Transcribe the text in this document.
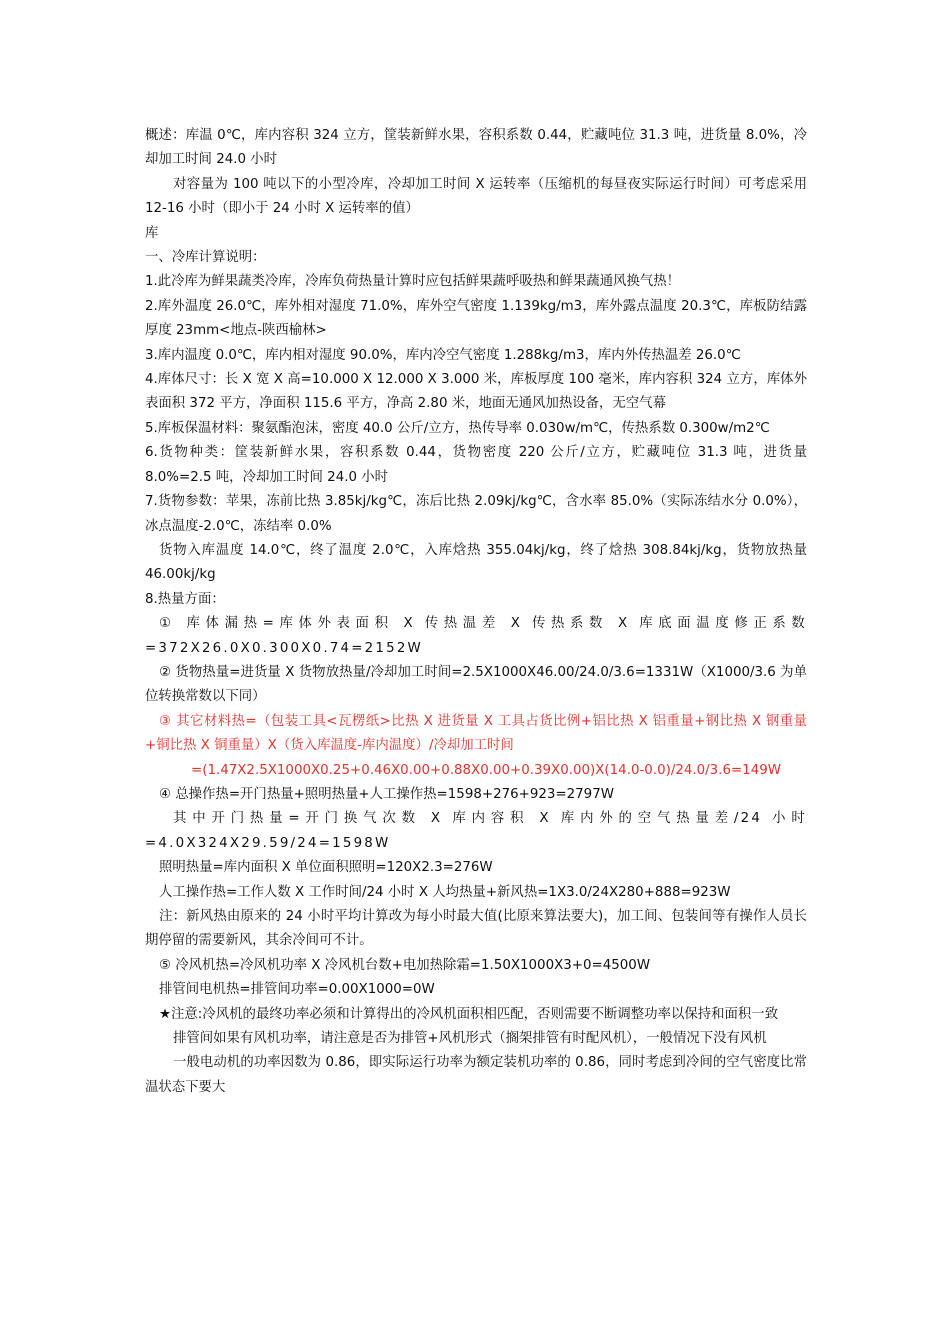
概述：库温 0℃，库内容积 324 立方，筐装新鲜水果，容积系数 0.44，贮藏吨位 31.3 吨，进货量 8.0%，冷却加工时间 24.0 小时

对容量为 100 吨以下的小型冷库，冷却加工时间 X 运转率（压缩机的每昼夜实际运行时间）可考虑采用 12-16 小时（即小于 24 小时 X 运转率的值）

库

一、冷库计算说明：

1.此冷库为鲜果蔬类冷库，冷库负荷热量计算时应包括鲜果蔬呼吸热和鲜果蔬通风换气热！

2.库外温度 26.0℃，库外相对湿度 71.0%，库外空气密度 1.139kg/m3，库外露点温度 20.3℃，库板防结露厚度 23mm<地点-陕西榆林>

3.库内温度 0.0℃，库内相对湿度 90.0%，库内冷空气密度 1.288kg/m3，库内外传热温差 26.0℃

4.库体尺寸：长 X 宽 X 高=10.000 X 12.000 X 3.000 米，库板厚度 100 毫米，库内容积 324 立方，库体外表面积 372 平方，净面积 115.6 平方，净高 2.80 米，地面无通风加热设备，无空气幕

5.库板保温材料：聚氨酯泡沫，密度 40.0 公斤/立方，热传导率 0.030w/m℃，传热系数 0.300w/m2℃

6.货物种类：筐装新鲜水果，容积系数 0.44，货物密度 220 公斤/立方，贮藏吨位 31.3 吨，进货量 8.0%=2.5 吨，冷却加工时间 24.0 小时

7.货物参数：苹果，冻前比热 3.85kj/kg℃，冻后比热 2.09kj/kg℃，含水率 85.0%（实际冻结水分 0.0%），冰点温度-2.0℃，冻结率 0.0%

货物入库温度 14.0℃，终了温度 2.0℃，入库焓热 355.04kj/kg，终了焓热 308.84kj/kg，货物放热量 46.00kj/kg

8.热量方面：

① 库体漏热=库体外表面积 X 传热温差 X 传热系数 X 库底面温度修正系数 =372X26.0X0.300X0.74=2152W

② 货物热量=进货量 X 货物放热量/冷却加工时间=2.5X1000X46.00/24.0/3.6=1331W（X1000/3.6 为单位转换常数以下同）

③ 其它材料热=（包装工具<瓦楞纸>比热 X 进货量 X 工具占货比例+铝比热 X 铝重量+钢比热 X 钢重量+铜比热 X 铜重量）X（货入库温度-库内温度）/冷却加工时间

=(1.47X2.5X1000X0.25+0.46X0.00+0.88X0.00+0.39X0.00)X(14.0-0.0)/24.0/3.6=149W

④ 总操作热=开门热量+照明热量+人工操作热=1598+276+923=2797W

其中开门热量=开门换气次数 X 库内容积 X 库内外的空气热量差/24 小时 =4.0X324X29.59/24=1598W

照明热量=库内面积 X 单位面积照明=120X2.3=276W

人工操作热=工作人数 X 工作时间/24 小时 X 人均热量+新风热=1X3.0/24X280+888=923W

注：新风热由原来的 24 小时平均计算改为每小时最大值(比原来算法要大)，加工间、包装间等有操作人员长期停留的需要新风，其余冷间可不计。

⑤ 冷风机热=冷风机功率 X 冷风机台数+电加热除霜=1.50X1000X3+0=4500W

排管间电机热=排管间功率=0.00X1000=0W

★注意:冷风机的最终功率必须和计算得出的冷风机面积相匹配，否则需要不断调整功率以保持和面积一致

排管间如果有风机功率，请注意是否为排管+风机形式（搁架排管有时配风机），一般情况下没有风机

一般电动机的功率因数为 0.86，即实际运行功率为额定装机功率的 0.86，同时考虑到冷间的空气密度比常温状态下要大
